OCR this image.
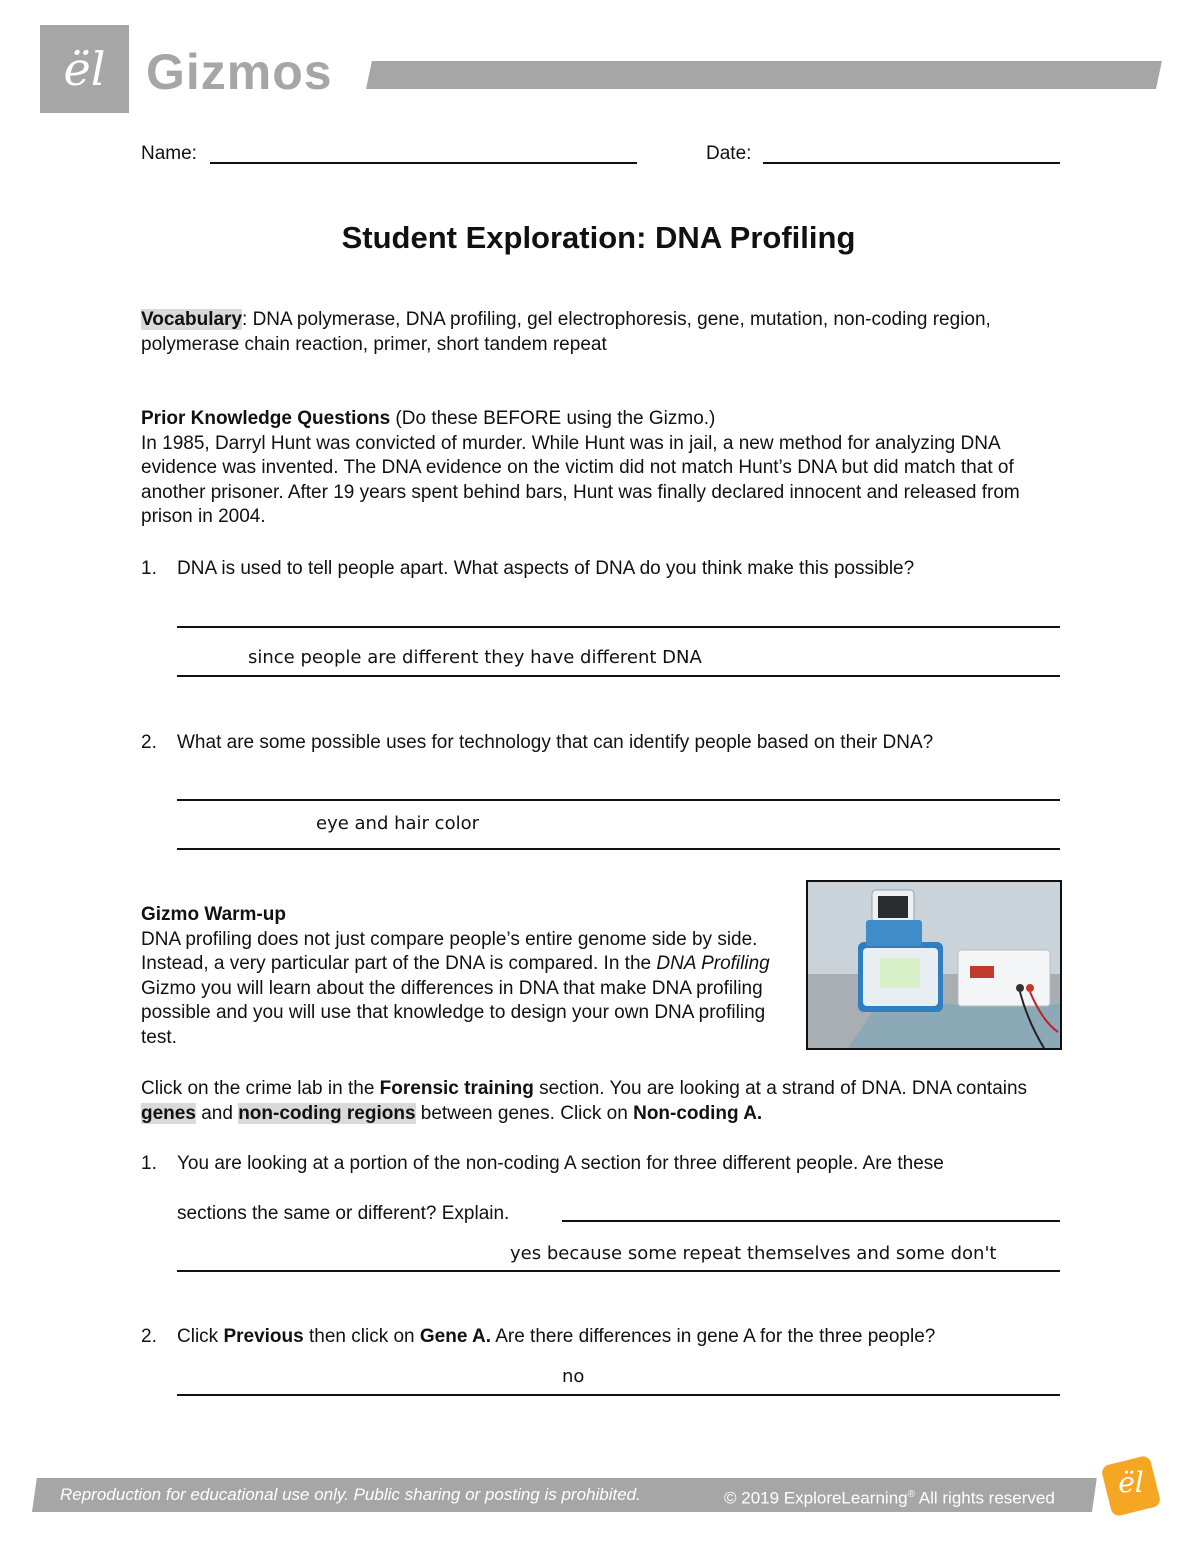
ël Gizmos
Name:	Date:
Student Exploration: DNA Profiling
Vocabulary: DNA polymerase, DNA profiling, gel electrophoresis, gene, mutation, non-coding region, polymerase chain reaction, primer, short tandem repeat
Prior Knowledge Questions (Do these BEFORE using the Gizmo.)
In 1985, Darryl Hunt was convicted of murder. While Hunt was in jail, a new method for analyzing DNA evidence was invented. The DNA evidence on the victim did not match Hunt’s DNA but did match that of another prisoner. After 19 years spent behind bars, Hunt was finally declared innocent and released from prison in 2004.
1. DNA is used to tell people apart. What aspects of DNA do you think make this possible?
since people are different they have different DNA
2. What are some possible uses for technology that can identify people based on their DNA?
eye and hair color
Gizmo Warm-up
DNA profiling does not just compare people’s entire genome side by side. Instead, a very particular part of the DNA is compared. In the DNA Profiling Gizmo you will learn about the differences in DNA that make DNA profiling possible and you will use that knowledge to design your own DNA profiling test.
Click on the crime lab in the Forensic training section. You are looking at a strand of DNA. DNA contains genes and non-coding regions between genes. Click on Non-coding A.
1. You are looking at a portion of the non-coding A section for three different people. Are these
sections the same or different? Explain.
yes because some repeat themselves and some don't
2. Click Previous then click on Gene A. Are there differences in gene A for the three people?
no
Reproduction for educational use only. Public sharing or posting is prohibited.	© 2019 ExploreLearning® All rights reserved	ël
